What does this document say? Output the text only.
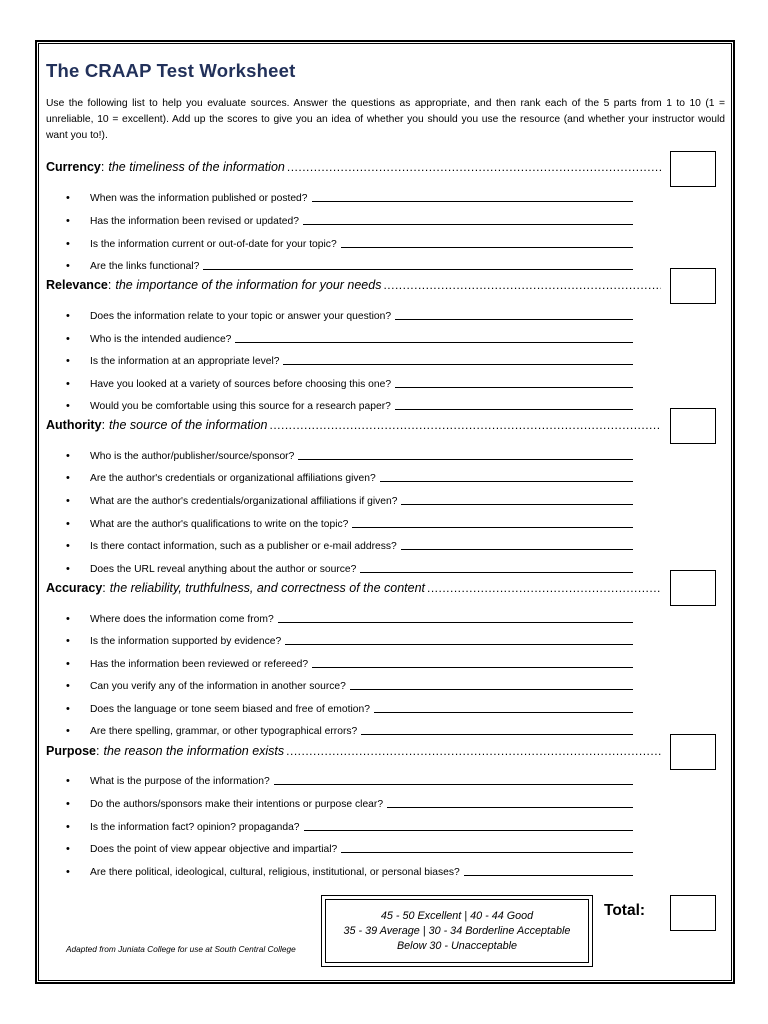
The CRAAP Test Worksheet

Use the following list to help you evaluate sources. Answer the questions as appropriate, and then rank each of the 5 parts from 1 to 10 (1 = unreliable, 10 = excellent). Add up the scores to give you an idea of whether you should you use the resource (and whether your instructor would want you to!).

Currency : the timeliness of the information
.....
•	When was the information published or posted?
•	Has the information been revised or updated?
•	Is the information current or out-of-date for your topic?
•	Are the links functional?
Relevance : the importance of the information for your needs
.....
•	Does the information relate to your topic or answer your question?
•	Who is the intended audience?
•	Is the information at an appropriate level?
•	Have you looked at a variety of sources before choosing this one?
•	Would you be comfortable using this source for a research paper?
Authority : the source of the information
.....
•	Who is the author/publisher/source/sponsor?
•	Are the author's credentials or organizational affiliations given?
•	What are the author's credentials/organizational affiliations if given?
•	What are the author's qualifications to write on the topic?
•	Is there contact information, such as a publisher or e-mail address?
•	Does the URL reveal anything about the author or source?
Accuracy : the reliability, truthfulness, and correctness of the content
.....
•	Where does the information come from?
•	Is the information supported by evidence?
•	Has the information been reviewed or refereed?
•	Can you verify any of the information in another source?
•	Does the language or tone seem biased and free of emotion?
•	Are there spelling, grammar, or other typographical errors?
Purpose : the reason the information exists
.....
•	What is the purpose of the information?
•	Do the authors/sponsors make their intentions or purpose clear?
•	Is the information fact? opinion? propaganda?
•	Does the point of view appear objective and impartial?
•	Are there political, ideological, cultural, religious, institutional, or personal biases?
45 - 50 Excellent | 40 - 44 Good
35 - 39 Average | 30 - 34 Borderline Acceptable
Below 30 - Unacceptable
Total:
Adapted from Juniata College for use at South Central College
